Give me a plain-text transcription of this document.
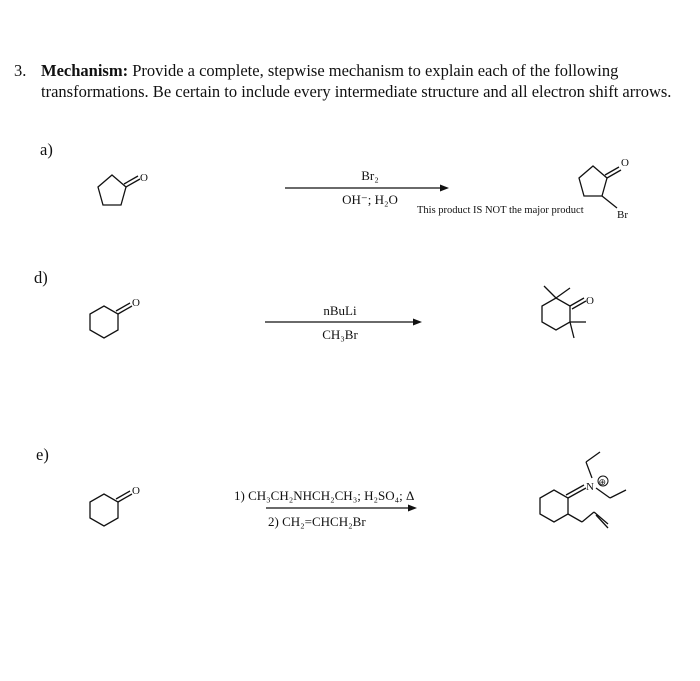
3. Mechanism: Provide a complete, stepwise mechanism to explain each of the following transformations. Be certain to include every intermediate structure and all electron shift arrows.
a)
O	Br₂
OH⁻; H₂O
O
Br
This product IS NOT the major product
d)
O	nBuLi
CH₃Br
O
e)
O	1) CH₃CH₂NHCH₂CH₃; H₂SO₄; Δ
2) CH₂=CHCH₂Br
N ⊕
